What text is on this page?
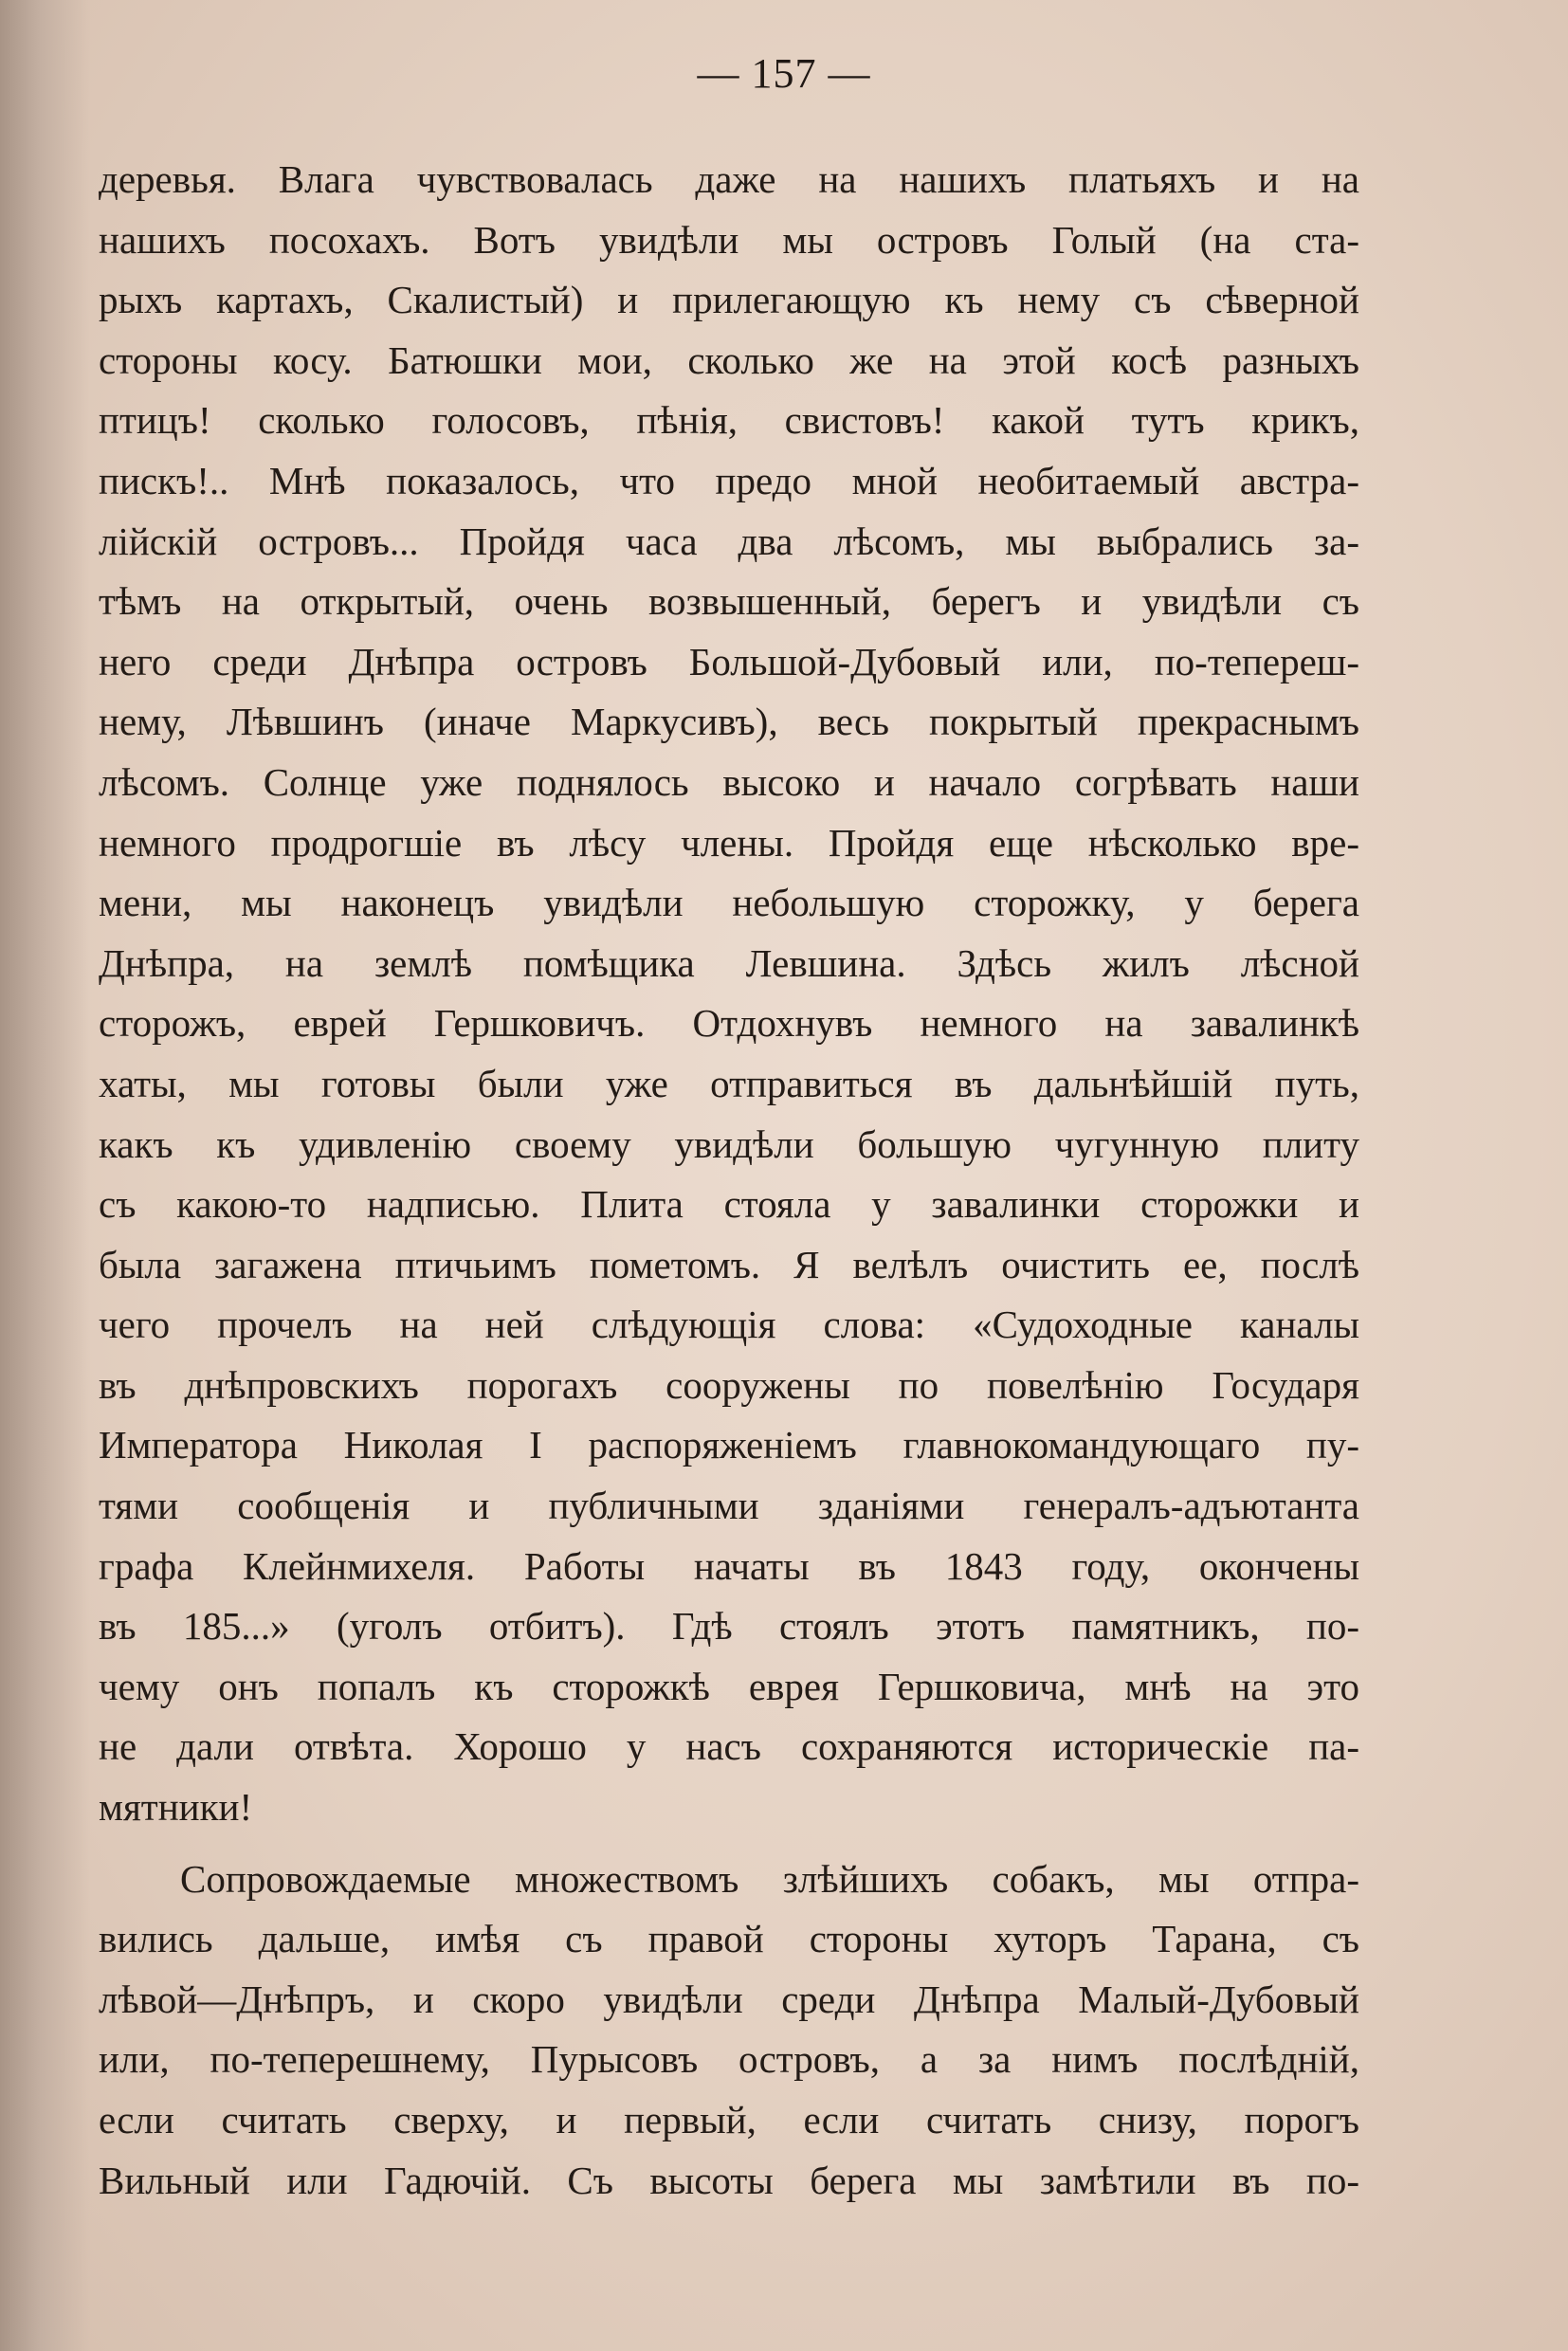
— 157 —
деревья. Влага чувствовалась даже на нашихъ платьяхъ и на
нашихъ посохахъ. Вотъ увидѣли мы островъ Голый (на ста-
рыхъ картахъ, Скалистый) и прилегающую къ нему съ сѣверной
стороны косу. Батюшки мои, сколько же на этой косѣ разныхъ
птицъ! сколько голосовъ, пѣнія, свистовъ! какой тутъ крикъ,
пискъ!.. Мнѣ показалось, что предо мной необитаемый австра-
лійскій островъ... Пройдя часа два лѣсомъ, мы выбрались за-
тѣмъ на открытый, очень возвышенный, берегъ и увидѣли съ
него среди Днѣпра островъ Большой-Дубовый или, по-теперeш-
нему, Лѣвшинъ (иначе Маркусивъ), весь покрытый прекраснымъ
лѣсомъ. Солнце уже поднялось высоко и начало согрѣвать наши
немного продрогшіе въ лѣсу члены. Пройдя еще нѣсколько вре-
мени, мы наконецъ увидѣли небольшую сторожку, у берега
Днѣпра, на землѣ помѣщика Левшина. Здѣсь жилъ лѣсной
сторожъ, еврей Гершковичъ. Отдохнувъ немного на завалинкѣ
хаты, мы готовы были уже отправиться въ дальнѣйшій путь,
какъ къ удивленію своему увидѣли большую чугунную плиту
съ какою-то надписью. Плита стояла у завалинки сторожки и
была загажена птичьимъ пометомъ. Я велѣлъ очистить ее, послѣ
чего прочелъ на ней слѣдующія слова: «Судоходные каналы
въ днѣпровскихъ порогахъ сооружены по повелѣнію Государя
Императора Николая I распоряженіемъ главнокомандующаго пу-
тями сообщенія и публичными зданіями генералъ-адъютанта
графа Клейнмихеля. Работы начаты въ 1843 году, окончены
въ 185...» (уголъ отбитъ). Гдѣ стоялъ этотъ памятникъ, по-
чему онъ попалъ къ сторожкѣ еврея Гершковича, мнѣ на это
не дали отвѣта. Хорошо у насъ сохраняются историческіе па-
мятники!
Сопровождаемые множествомъ злѣйшихъ собакъ, мы отпра-
вились дальше, имѣя съ правой стороны хуторъ Тарана, съ
лѣвой—Днѣпръ, и скоро увидѣли среди Днѣпра Малый-Дубовый
или, по-теперешнему, Пурысовъ островъ, а за нимъ послѣдній,
если считать сверху, и первый, если считать снизу, порогъ
Вильный или Гадючій. Съ высоты берега мы замѣтили въ по-
